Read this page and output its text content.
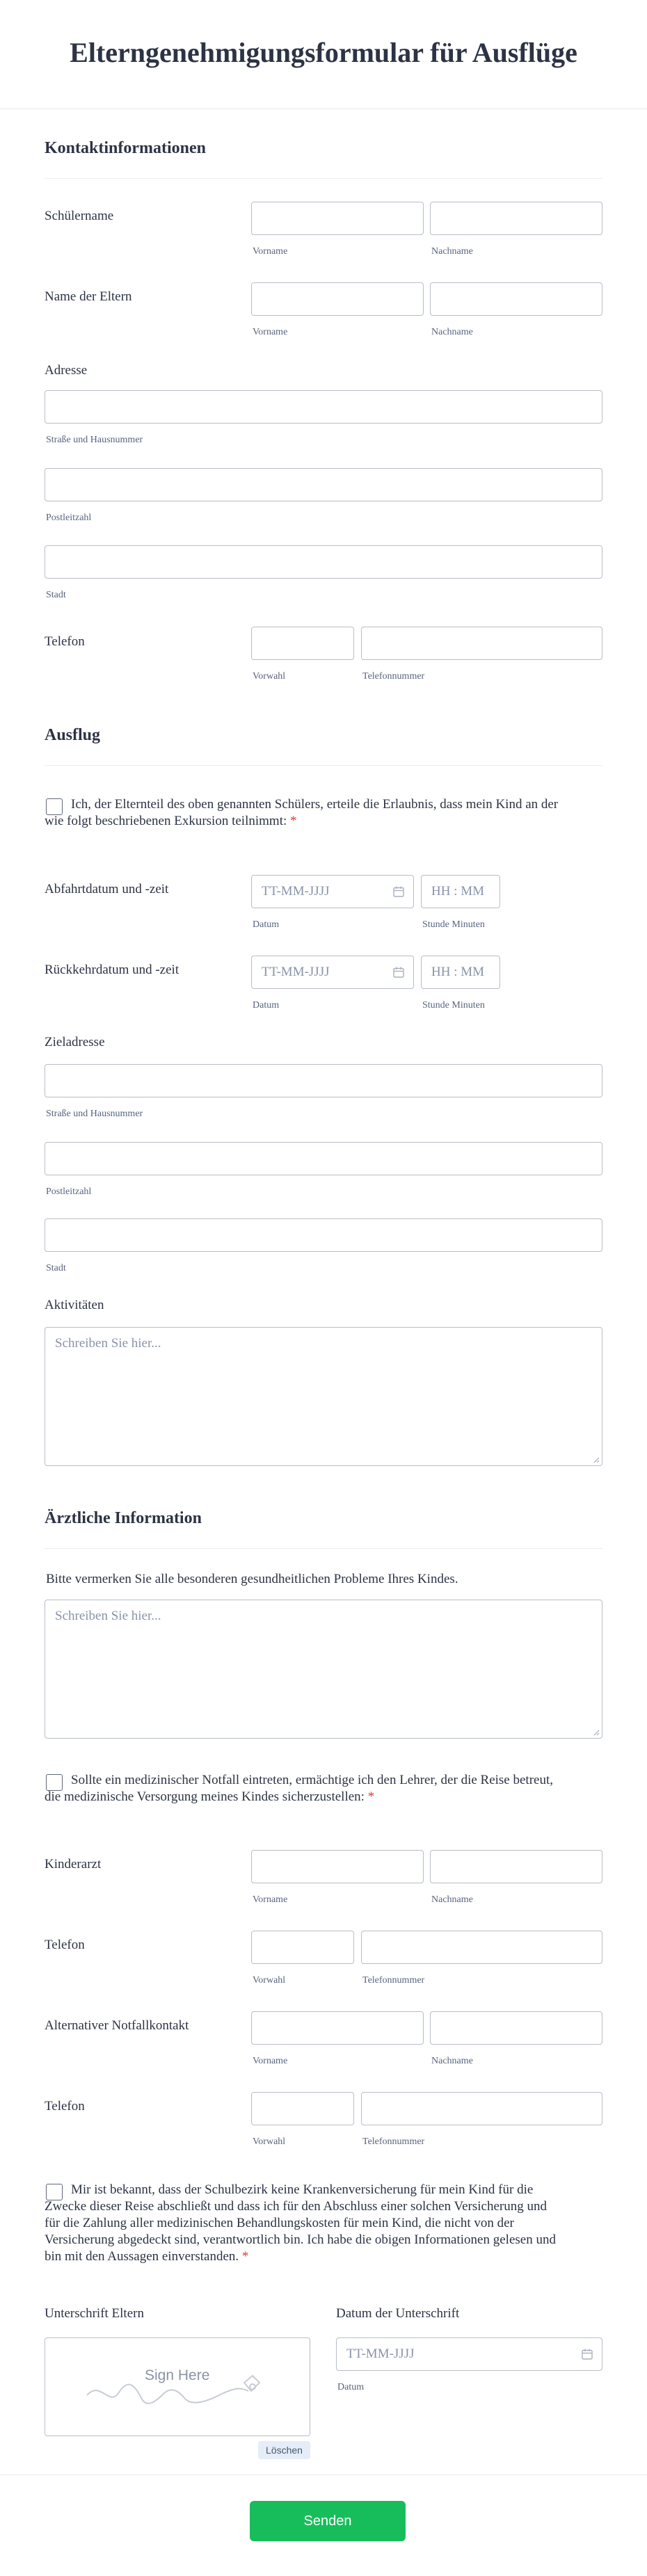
Elterngenehmigungsformular für Ausflüge
Kontaktinformationen
Schülername
Vorname	Nachname
Name der Eltern
Vorname	Nachname
Adresse
Straße und Hausnummer
Postleitzahl
Stadt
Telefon
Vorwahl	Telefonnummer
Ausflug
Ich, der Elternteil des oben genannten Schülers, erteile die Erlaubnis, dass mein Kind an der wie folgt beschriebenen Exkursion teilnimmt: *
Abfahrtdatum und -zeit	TT-MM-JJJJ	HH : MM
Datum	Stunde Minuten
Rückkehrdatum und -zeit	TT-MM-JJJJ	HH : MM
Datum	Stunde Minuten
Zieladresse
Straße und Hausnummer
Postleitzahl
Stadt
Aktivitäten
Schreiben Sie hier...
Ärztliche Information
Bitte vermerken Sie alle besonderen gesundheitlichen Probleme Ihres Kindes.
Schreiben Sie hier...
Sollte ein medizinischer Notfall eintreten, ermächtige ich den Lehrer, der die Reise betreut, die medizinische Versorgung meines Kindes sicherzustellen: *
Kinderarzt
Vorname	Nachname
Telefon
Vorwahl	Telefonnummer
Alternativer Notfallkontakt
Vorname	Nachname
Telefon
Vorwahl	Telefonnummer
Mir ist bekannt, dass der Schulbezirk keine Krankenversicherung für mein Kind für die Zwecke dieser Reise abschließt und dass ich für den Abschluss einer solchen Versicherung und für die Zahlung aller medizinischen Behandlungskosten für mein Kind, die nicht von der Versicherung abgedeckt sind, verantwortlich bin. Ich habe die obigen Informationen gelesen und bin mit den Aussagen einverstanden. *
Unterschrift Eltern
Sign Here
Löschen
Datum der Unterschrift
TT-MM-JJJJ
Datum
Senden
